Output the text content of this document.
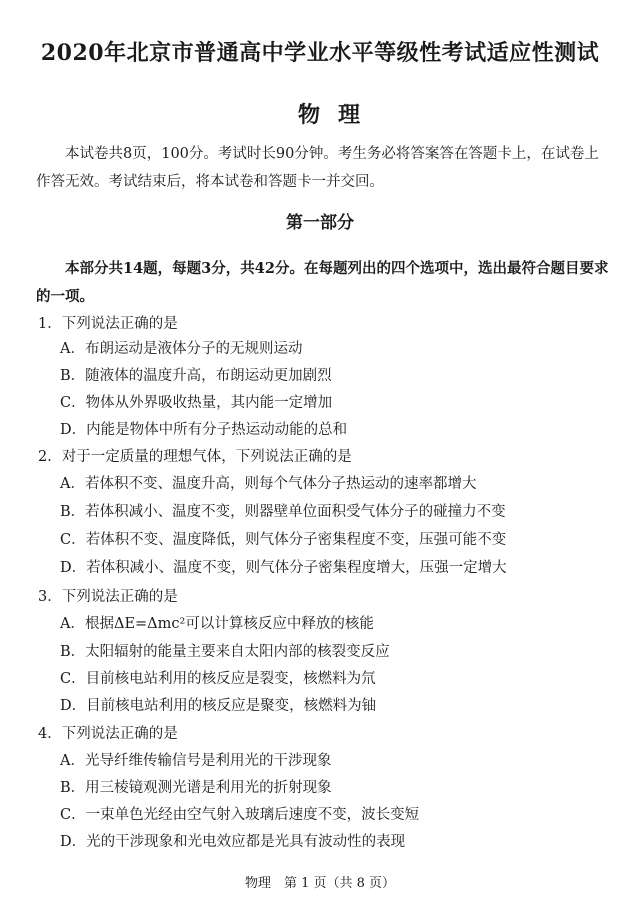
2020年北京市普通高中学业水平等级性考试适应性测试
物理

本试卷共8页，100分。考试时长90分钟。考生务必将答案答在答题卡上，在试卷上作答无效。考试结束后，将本试卷和答题卡一并交回。

第一部分

本部分共14题，每题3分，共42分。在每题列出的四个选项中，选出最符合题目要求的一项。

1．下列说法正确的是
A．布朗运动是液体分子的无规则运动
B．随液体的温度升高，布朗运动更加剧烈
C．物体从外界吸收热量，其内能一定增加
D．内能是物体中所有分子热运动动能的总和
2．对于一定质量的理想气体，下列说法正确的是
A．若体积不变、温度升高，则每个气体分子热运动的速率都增大
B．若体积减小、温度不变，则器壁单位面积受气体分子的碰撞力不变
C．若体积不变、温度降低，则气体分子密集程度不变，压强可能不变
D．若体积减小、温度不变，则气体分子密集程度增大，压强一定增大
3．下列说法正确的是
A．根据ΔE=Δmc²可以计算核反应中释放的核能
B．太阳辐射的能量主要来自太阳内部的核裂变反应
C．目前核电站利用的核反应是裂变，核燃料为氘
D．目前核电站利用的核反应是聚变，核燃料为铀
4．下列说法正确的是
A．光导纤维传输信号是利用光的干涉现象
B．用三棱镜观测光谱是利用光的折射现象
C．一束单色光经由空气射入玻璃后速度不变，波长变短
D．光的干涉现象和光电效应都是光具有波动性的表现
物理　第 1 页（共 8 页）
